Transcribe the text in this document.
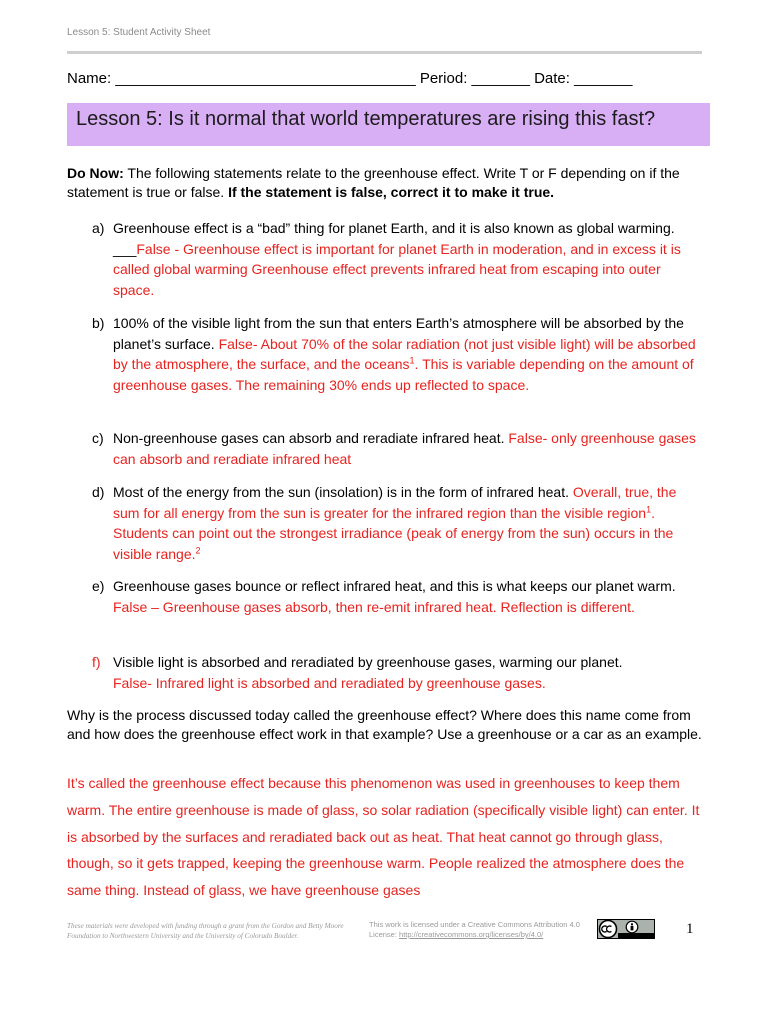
Lesson 5: Student Activity Sheet
Name: ____________________________________ Period: _______ Date: _______
Lesson 5: Is it normal that world temperatures are rising this fast?
Do Now: The following statements relate to the greenhouse effect. Write T or F depending on if the statement is true or false. If the statement is false, correct it to make it true.
a) Greenhouse effect is a “bad” thing for planet Earth, and it is also known as global warming. ___False - Greenhouse effect is important for planet Earth in moderation, and in excess it is called global warming Greenhouse effect prevents infrared heat from escaping into outer space.
b) 100% of the visible light from the sun that enters Earth’s atmosphere will be absorbed by the planet’s surface. False- About 70% of the solar radiation (not just visible light) will be absorbed by the atmosphere, the surface, and the oceans$^1$. This is variable depending on the amount of greenhouse gases. The remaining 30% ends up reflected to space.
c) Non-greenhouse gases can absorb and reradiate infrared heat. False- only greenhouse gases can absorb and reradiate infrared heat
d) Most of the energy from the sun (insolation) is in the form of infrared heat. Overall, true, the sum for all energy from the sun is greater for the infrared region than the visible region$^1$. Students can point out the strongest irradiance (peak of energy from the sun) occurs in the visible range.$^2$
e) Greenhouse gases bounce or reflect infrared heat, and this is what keeps our planet warm. False – Greenhouse gases absorb, then re-emit infrared heat. Reflection is different.
f) Visible light is absorbed and reradiated by greenhouse gases, warming our planet.
False- Infrared light is absorbed and reradiated by greenhouse gases.
Why is the process discussed today called the greenhouse effect? Where does this name come from and how does the greenhouse effect work in that example? Use a greenhouse or a car as an example.
It’s called the greenhouse effect because this phenomenon was used in greenhouses to keep them warm. The entire greenhouse is made of glass, so solar radiation (specifically visible light) can enter. It is absorbed by the surfaces and reradiated back out as heat. That heat cannot go through glass, though, so it gets trapped, keeping the greenhouse warm. People realized the atmosphere does the same thing. Instead of glass, we have greenhouse gases
These materials were developed with funding through a grant from the Gordon and Betty Moore Foundation to Northwestern University and the University of Colorado Boulder.
This work is licensed under a Creative Commons Attribution 4.0 License: http://creativecommons.org/licenses/by/4.0/	1
